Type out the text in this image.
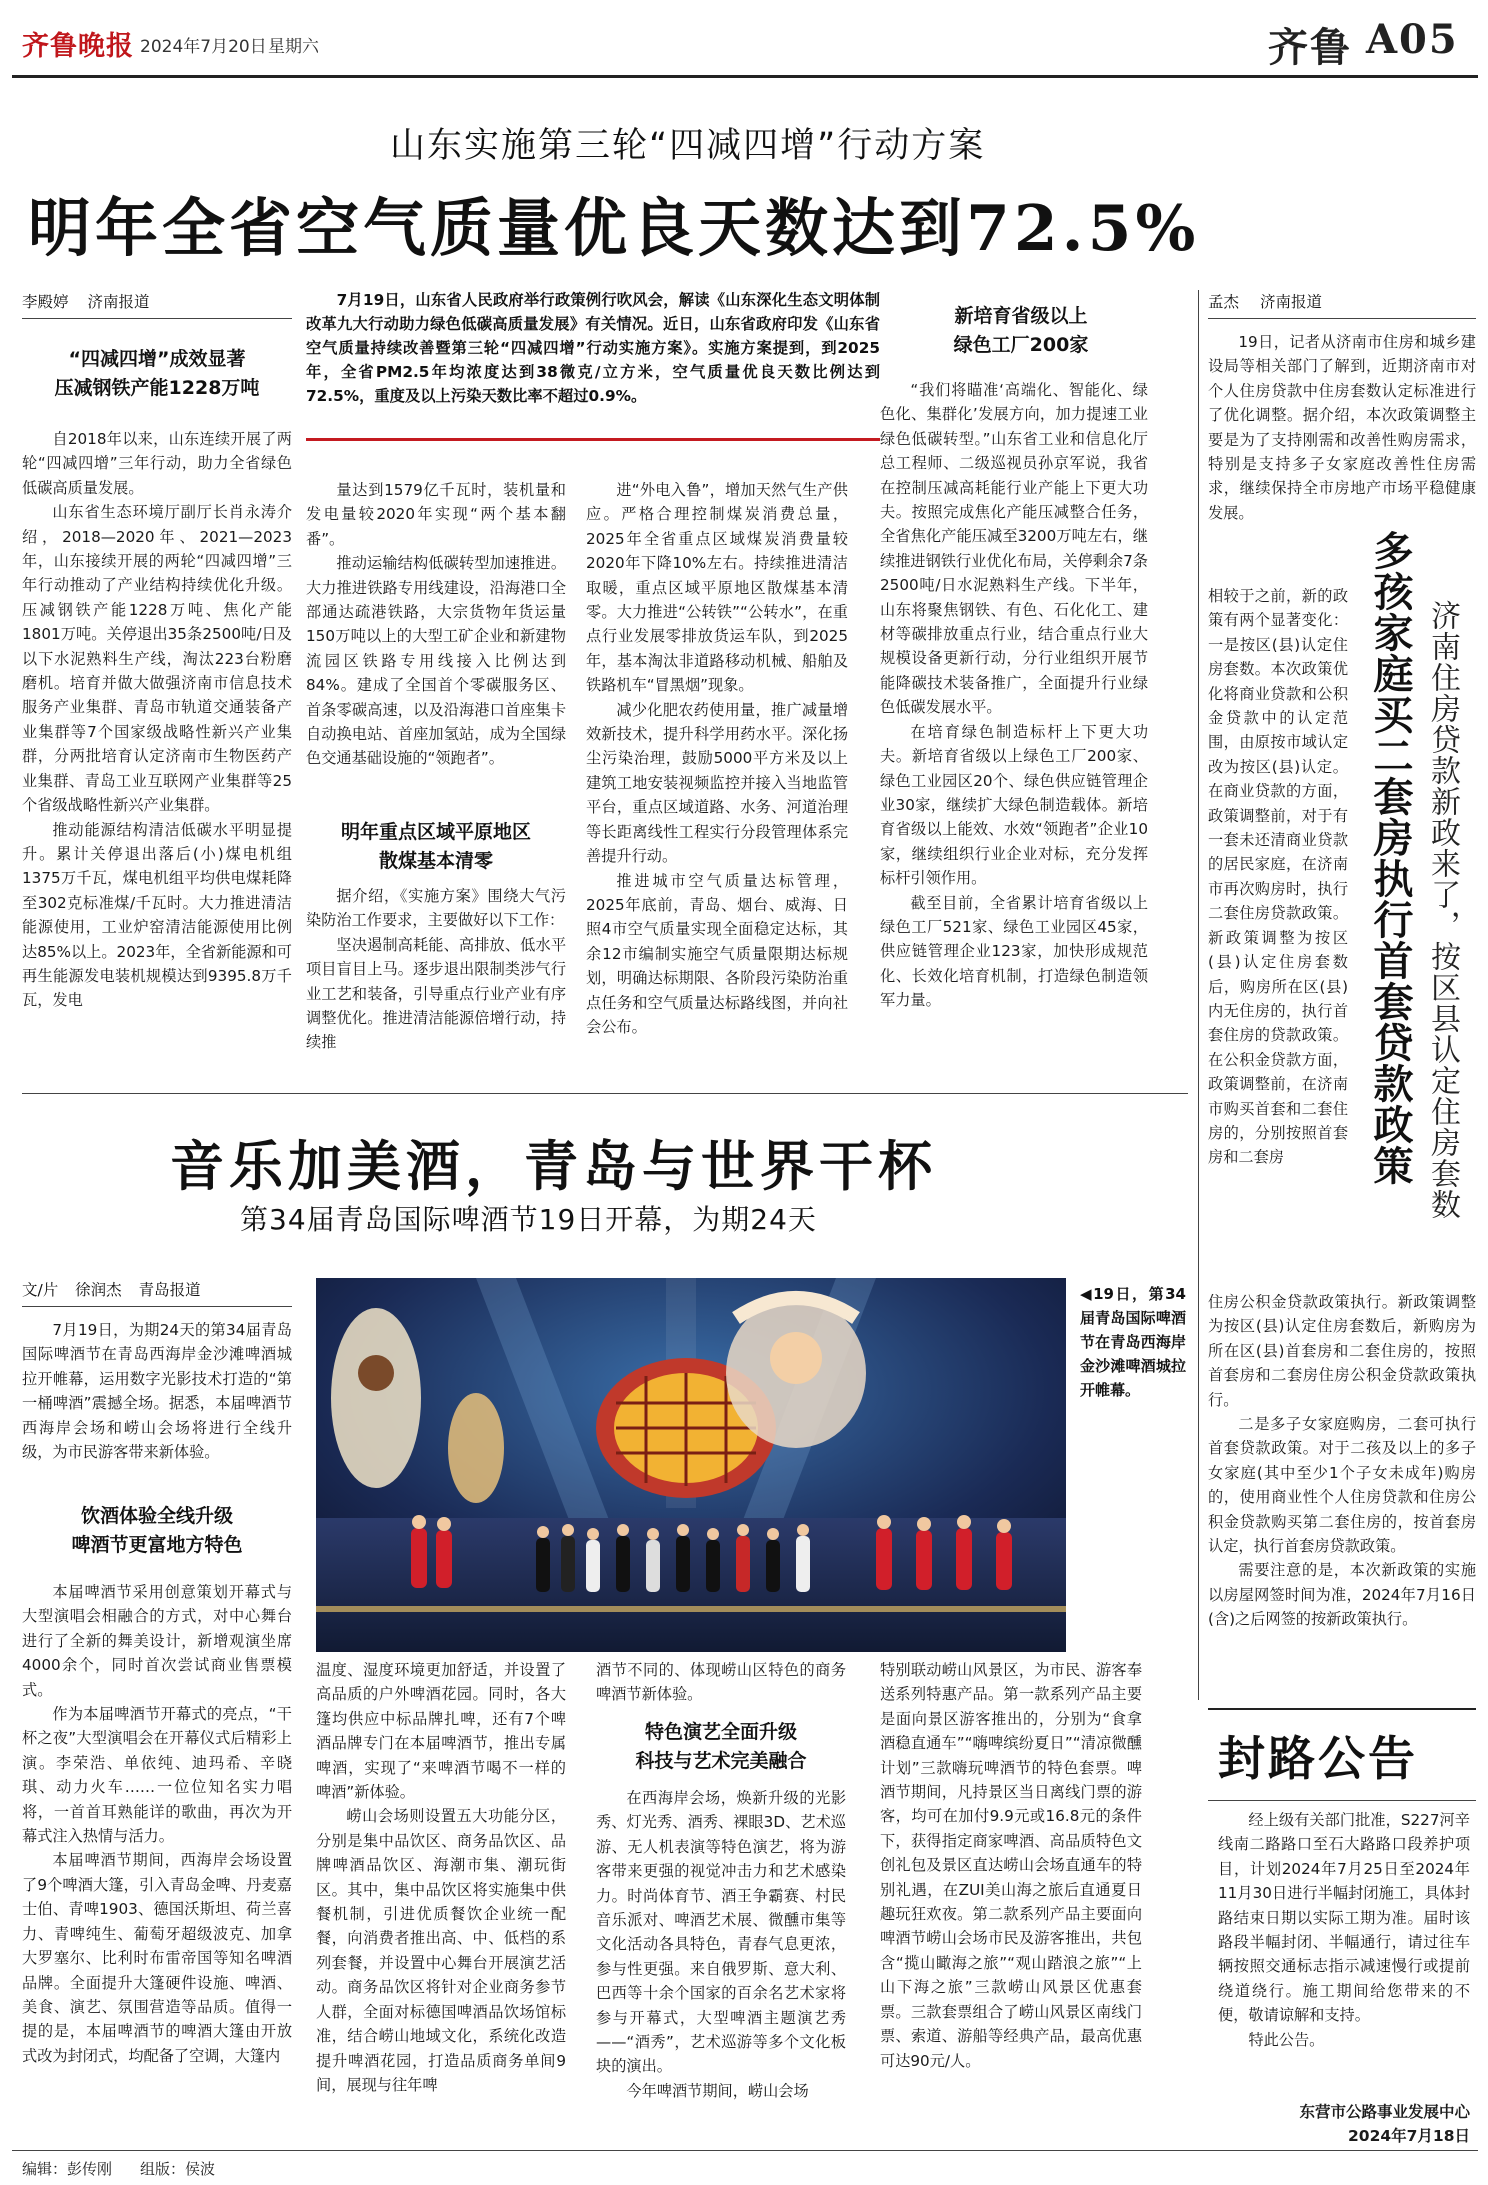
齐鲁晚报 2024年7月20日 星期六	齐鲁 A05
山东实施第三轮“四减四增”行动方案
明年全省空气质量优良天数达到72.5%
李殿婷 济南报道
“四减四增”成效显著
压减钢铁产能1228万吨

自2018年以来，山东连续开展了两轮“四减四增”三年行动，助力全省绿色低碳高质量发展。

山东省生态环境厅副厅长肖永涛介绍，2018—2020年、2021—2023年，山东接续开展的两轮“四减四增”三年行动推动了产业结构持续优化升级。压减钢铁产能1228万吨、焦化产能1801万吨。关停退出35条2500吨/日及以下水泥熟料生产线，淘汰223台粉磨磨机。培育并做大做强济南市信息技术服务产业集群、青岛市轨道交通装备产业集群等7个国家级战略性新兴产业集群，分两批培育认定济南市生物医药产业集群、青岛工业互联网产业集群等25个省级战略性新兴产业集群。

推动能源结构清洁低碳水平明显提升。累计关停退出落后(小)煤电机组1375万千瓦，煤电机组平均供电煤耗降至302克标准煤/千瓦时。大力推进清洁能源使用，工业炉窑清洁能源使用比例达85%以上。2023年，全省新能源和可再生能源发电装机规模达到9395.8万千瓦，发电

7月19日，山东省人民政府举行政策例行吹风会，解读《山东深化生态文明体制改革九大行动助力绿色低碳高质量发展》有关情况。近日，山东省政府印发《山东省空气质量持续改善暨第三轮“四减四增”行动实施方案》。实施方案提到，到2025年，全省PM2.5年均浓度达到38微克/立方米，空气质量优良天数比例达到72.5%，重度及以上污染天数比率不超过0.9%。

量达到1579亿千瓦时，装机量和发电量较2020年实现“两个基本翻番”。

推动运输结构低碳转型加速推进。大力推进铁路专用线建设，沿海港口全部通达疏港铁路，大宗货物年货运量150万吨以上的大型工矿企业和新建物流园区铁路专用线接入比例达到84%。建成了全国首个零碳服务区、首条零碳高速，以及沿海港口首座集卡自动换电站、首座加氢站，成为全国绿色交通基础设施的“领跑者”。

明年重点区域平原地区
散煤基本清零

据介绍，《实施方案》围绕大气污染防治工作要求，主要做好以下工作：

坚决遏制高耗能、高排放、低水平项目盲目上马。逐步退出限制类涉气行业工艺和装备，引导重点行业产业有序调整优化。推进清洁能源倍增行动，持续推

进“外电入鲁”，增加天然气生产供应。严格合理控制煤炭消费总量，2025年全省重点区域煤炭消费量较2020年下降10%左右。持续推进清洁取暖，重点区域平原地区散煤基本清零。大力推进“公转铁”“公转水”，在重点行业发展零排放货运车队，到2025年，基本淘汰非道路移动机械、船舶及铁路机车“冒黑烟”现象。

减少化肥农药使用量，推广减量增效新技术，提升科学用药水平。深化扬尘污染治理，鼓励5000平方米及以上建筑工地安装视频监控并接入当地监管平台，重点区域道路、水务、河道治理等长距离线性工程实行分段管理体系完善提升行动。

推进城市空气质量达标管理，2025年底前，青岛、烟台、威海、日照4市空气质量实现全面稳定达标，其余12市编制实施空气质量限期达标规划，明确达标期限、各阶段污染防治重点任务和空气质量达标路线图，并向社会公布。

新培育省级以上
绿色工厂200家

“我们将瞄准‘高端化、智能化、绿色化、集群化’发展方向，加力提速工业绿色低碳转型。”山东省工业和信息化厅总工程师、二级巡视员孙京军说，我省在控制压减高耗能行业产能上下更大功夫。按照完成焦化产能压减整合任务，全省焦化产能压减至3200万吨左右，继续推进钢铁行业优化布局，关停剩余7条2500吨/日水泥熟料生产线。下半年，山东将聚焦钢铁、有色、石化化工、建材等碳排放重点行业，结合重点行业大规模设备更新行动，分行业组织开展节能降碳技术装备推广，全面提升行业绿色低碳发展水平。

在培育绿色制造标杆上下更大功夫。新培育省级以上绿色工厂200家、绿色工业园区20个、绿色供应链管理企业30家，继续扩大绿色制造载体。新培育省级以上能效、水效“领跑者”企业10家，继续组织行业企业对标，充分发挥标杆引领作用。

截至目前，全省累计培育省级以上绿色工厂521家、绿色工业园区45家，供应链管理企业123家，加快形成规范化、长效化培育机制，打造绿色制造领军力量。

孟杰 济南报道

19日，记者从济南市住房和城乡建设局等相关部门了解到，近期济南市对个人住房贷款中住房套数认定标准进行了优化调整。据介绍，本次政策调整主要是为了支持刚需和改善性购房需求，特别是支持多子女家庭改善性住房需求，继续保持全市房地产市场平稳健康发展。

多孩家庭买二套房执行首套贷款政策 济南住房贷款新政来了，按区县认定住房套数

相较于之前，新的政策有两个显著变化：一是按区(县)认定住房套数。本次政策优化将商业贷款和公积金贷款中的认定范围，由原按市域认定改为按区(县)认定。在商业贷款的方面，政策调整前，对于有一套未还清商业贷款的居民家庭，在济南市再次购房时，执行二套住房贷款政策。新政策调整为按区(县)认定住房套数后，购房所在区(县)内无住房的，执行首套住房的贷款政策。在公积金贷款方面，政策调整前，在济南市购买首套和二套住房的，分别按照首套房和二套房

住房公积金贷款政策执行。新政策调整为按区(县)认定住房套数后，新购房为所在区(县)首套房和二套住房的，按照首套房和二套房住房公积金贷款政策执行。

二是多子女家庭购房，二套可执行首套贷款政策。对于二孩及以上的多子女家庭(其中至少1个子女未成年)购房的，使用商业性个人住房贷款和住房公积金贷款购买第二套住房的，按首套房认定，执行首套房贷款政策。

需要注意的是，本次新政策的实施以房屋网签时间为准，2024年7月16日(含)之后网签的按新政策执行。

音乐加美酒，青岛与世界干杯
第34届青岛国际啤酒节19日开幕，为期24天
文/片 徐润杰 青岛报道

7月19日，为期24天的第34届青岛国际啤酒节在青岛西海岸金沙滩啤酒城拉开帷幕，运用数字光影技术打造的“第一桶啤酒”震撼全场。据悉，本届啤酒节西海岸会场和崂山会场将进行全线升级，为市民游客带来新体验。

饮酒体验全线升级
啤酒节更富地方特色

本届啤酒节采用创意策划开幕式与大型演唱会相融合的方式，对中心舞台进行了全新的舞美设计，新增观演坐席4000余个，同时首次尝试商业售票模式。

作为本届啤酒节开幕式的亮点，“干杯之夜”大型演唱会在开幕仪式后精彩上演。李荣浩、单依纯、迪玛希、辛晓琪、动力火车……一位位知名实力唱将，一首首耳熟能详的歌曲，再次为开幕式注入热情与活力。

本届啤酒节期间，西海岸会场设置了9个啤酒大篷，引入青岛金啤、丹麦嘉士伯、青啤1903、德国沃斯坦、荷兰喜力、青啤纯生、葡萄牙超级波克、加拿大罗塞尔、比利时布雷帝国等知名啤酒品牌。全面提升大篷硬件设施、啤酒、美食、演艺、氛围营造等品质。值得一提的是，本届啤酒节的啤酒大篷由开放式改为封闭式，均配备了空调，大篷内

◀19日，第34届青岛国际啤酒节在青岛西海岸金沙滩啤酒城拉开帷幕。

温度、湿度环境更加舒适，并设置了高品质的户外啤酒花园。同时，各大篷均供应中标品牌扎啤，还有7个啤酒品牌专门在本届啤酒节，推出专属啤酒，实现了“来啤酒节喝不一样的啤酒”新体验。

崂山会场则设置五大功能分区，分别是集中品饮区、商务品饮区、品牌啤酒品饮区、海潮市集、潮玩街区。其中，集中品饮区将实施集中供餐机制，引进优质餐饮企业统一配餐，向消费者推出高、中、低档的系列套餐，并设置中心舞台开展演艺活动。商务品饮区将针对企业商务参节人群，全面对标德国啤酒品饮场馆标准，结合崂山地域文化，系统化改造提升啤酒花园，打造品质商务单间9间，展现与往年啤

酒节不同的、体现崂山区特色的商务啤酒节新体验。

特色演艺全面升级
科技与艺术完美融合

在西海岸会场，焕新升级的光影秀、灯光秀、酒秀、裸眼3D、艺术巡游、无人机表演等特色演艺，将为游客带来更强的视觉冲击力和艺术感染力。时尚体育节、酒王争霸赛、村民音乐派对、啤酒艺术展、微醺市集等文化活动各具特色，青春气息更浓，参与性更强。来自俄罗斯、意大利、巴西等十余个国家的百余名艺术家将参与开幕式，大型啤酒主题演艺秀——“酒秀”，艺术巡游等多个文化板块的演出。

今年啤酒节期间，崂山会场

特别联动崂山风景区，为市民、游客奉送系列特惠产品。第一款系列产品主要是面向景区游客推出的，分别为“食拿酒稳直通车”“嗨啤缤纷夏日”“清凉微醺计划”三款嗨玩啤酒节的特色套票。啤酒节期间，凡持景区当日离线门票的游客，均可在加付9.9元或16.8元的条件下，获得指定商家啤酒、高品质特色文创礼包及景区直达崂山会场直通车的特别礼遇，在ZUI美山海之旅后直通夏日趣玩狂欢夜。第二款系列产品主要面向啤酒节崂山会场市民及游客推出，共包含“揽山瞰海之旅”“观山踏浪之旅”“上山下海之旅”三款崂山风景区优惠套票。三款套票组合了崂山风景区南线门票、索道、游船等经典产品，最高优惠可达90元/人。

封路公告

经上级有关部门批准，S227河辛线南二路路口至石大路路口段养护项目，计划2024年7月25日至2024年11月30日进行半幅封闭施工，具体封路结束日期以实际工期为准。届时该路段半幅封闭、半幅通行，请过往车辆按照交通标志指示减速慢行或提前绕道绕行。施工期间给您带来的不便，敬请谅解和支持。

特此公告。

东营市公路事业发展中心
2024年7月18日
编辑：彭传刚 组版：侯波
